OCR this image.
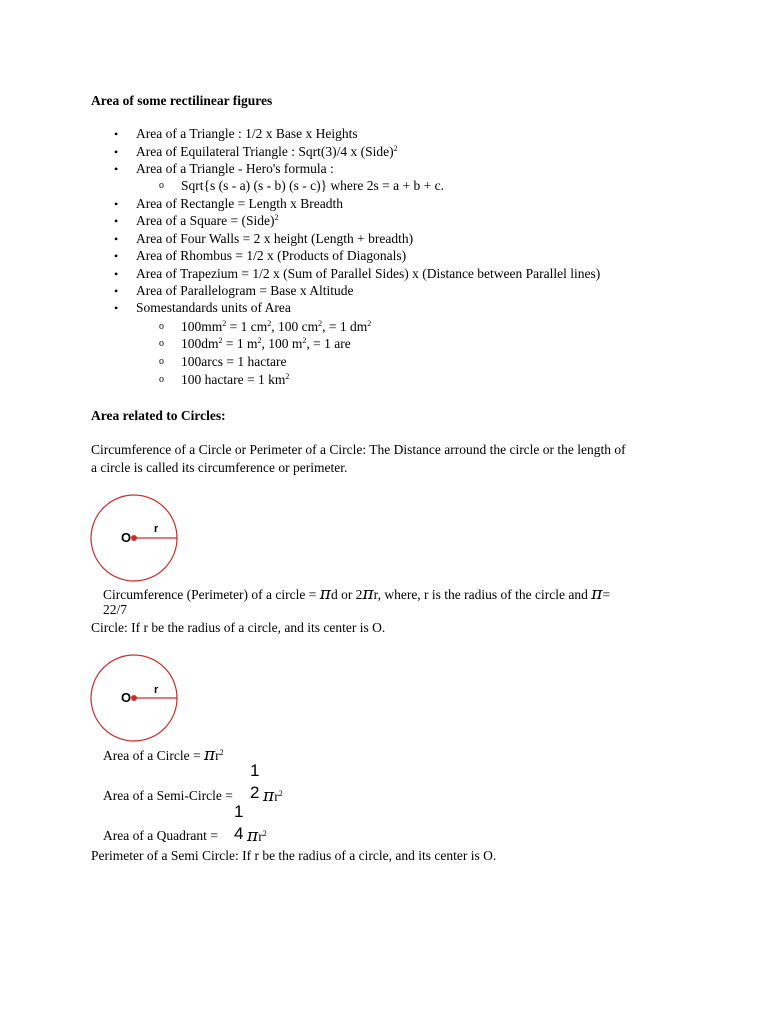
Area of some rectilinear figures
• Area of a Triangle : 1/2 x Base x Heights
• Area of Equilateral Triangle : Sqrt(3)/4 x (Side)$^2$
• Area of a Triangle - Hero's formula :
o Sqrt{s (s - a) (s - b) (s - c)} where 2s = a + b + c.
• Area of Rectangle = Length x Breadth
• Area of a Square = (Side)$^2$
• Area of Four Walls = 2 x height (Length + breadth)
• Area of Rhombus = 1/2 x (Products of Diagonals)
• Area of Trapezium = 1/2 x (Sum of Parallel Sides) x (Distance between Parallel lines)
• Area of Parallelogram = Base x Altitude
• Somestandards units of Area
o $100mm^2 = 1$ $cm^2$, 100 $cm^2$, = 1 $dm^2$
o $100dm^2 = 1$ $m^2$, 100 $m^2$, = 1 are
o 100arcs = 1 hactare
o 100 hactare = 1 $km^2$
Area related to Circles:
Circumference of a Circle or Perimeter of a Circle: The Distance arround the circle or the length of
a circle is called its circumference or perimeter.
O
r
Circumference (Perimeter) of a circle = πd or 2πr, where, r is the radius of the circle and π=
22/7
Circle: If r be the radius of a circle, and its center is O.
O r
Area of a Circle = $\pi r^2$
Area of a Semi-Circle =
1
2 $\pi r^2$
Area of a Quadrant =
1
4 $\pi r^2$
Perimeter of a Semi Circle: If r be the radius of a circle, and its center is O.
